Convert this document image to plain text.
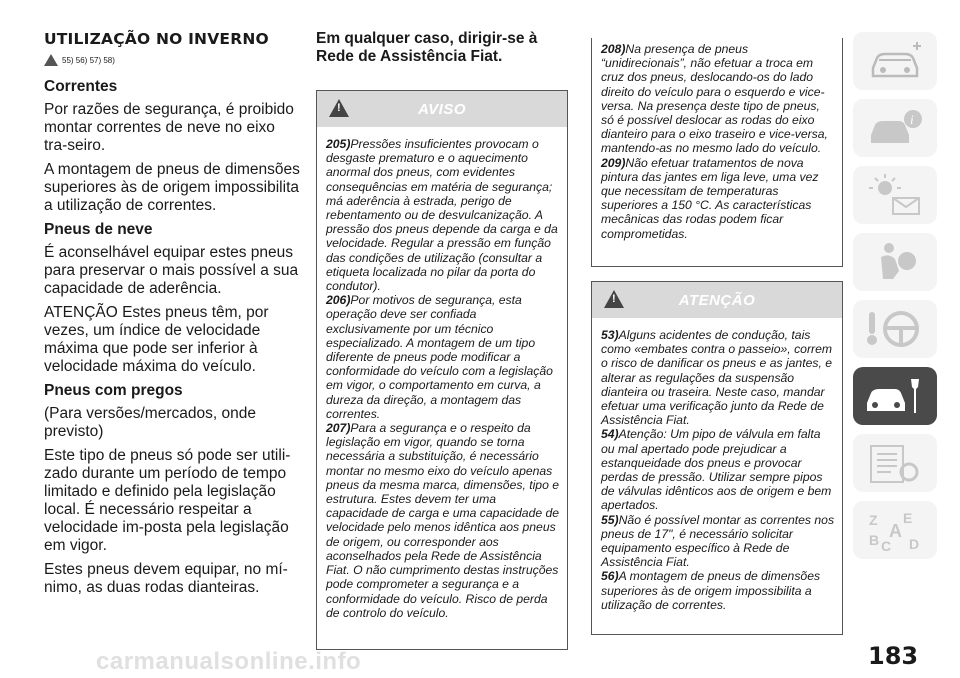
UTILIZAÇÃO NO INVERNO
55) 56) 57) 58)
Correntes

Por razões de segurança, é proibido montar correntes de neve no eixo tra-seiro.

A montagem de pneus de dimensões superiores às de origem impossibilita a utilização de correntes.

Pneus de neve

É aconselhável equipar estes pneus para preservar o mais possível a sua capacidade de aderência.

ATENÇÃO Estes pneus têm, por vezes, um índice de velocidade máxima que pode ser inferior à velocidade máxima do veículo.

Pneus com pregos

(Para versões/mercados, onde previsto)

Este tipo de pneus só pode ser utili-zado durante um período de tempo limitado e definido pela legislação local. É necessário respeitar a velocidade im-posta pela legislação em vigor.

Estes pneus devem equipar, no mí-nimo, as duas rodas dianteiras.

Em qualquer caso, dirigir-se à Rede de Assistência Fiat.
!
AVISO

205)Pressões insuficientes provocam o desgaste prematuro e o aquecimento anormal dos pneus, com evidentes consequências em matéria de segurança; má aderência à estrada, perigo de rebentamento ou de desvulcanização. A pressão dos pneus depende da carga e da velocidade. Regular a pressão em função das condições de utilização (consultar a etiqueta localizada no pilar da porta do condutor).

206)Por motivos de segurança, esta operação deve ser confiada exclusivamente por um técnico especializado. A montagem de um tipo diferente de pneus pode modificar a conformidade do veículo com a legislação em vigor, o comportamento em curva, a dureza da direção, a montagem das correntes.

207)Para a segurança e o respeito da legislação em vigor, quando se torna necessária a substituição, é necessário montar no mesmo eixo do veículo apenas pneus da mesma marca, dimensões, tipo e estrutura. Estes devem ter uma capacidade de carga e uma capacidade de velocidade pelo menos idêntica aos pneus de origem, ou corresponder aos aconselhados pela Rede de Assistência Fiat. O não cumprimento destas instruções pode comprometer a segurança e a conformidade do veículo. Risco de perda de controlo do veículo.

208)Na presença de pneus “unidirecionais”, não efetuar a troca em cruz dos pneus, deslocando-os do lado direito do veículo para o esquerdo e vice-versa. Na presença deste tipo de pneus, só é possível deslocar as rodas do eixo dianteiro para o eixo traseiro e vice-versa, mantendo-as no mesmo lado do veículo.

209)Não efetuar tratamentos de nova pintura das jantes em liga leve, uma vez que necessitam de temperaturas superiores a 150 °C. As características mecânicas das rodas podem ficar comprometidas.

!
ATENÇÃO

53)Alguns acidentes de condução, tais como «embates contra o passeio», correm o risco de danificar os pneus e as jantes, e alterar as regulações da suspensão dianteira ou traseira. Neste caso, mandar efetuar uma verificação junto da Rede de Assistência Fiat.

54)Atenção: Um pipo de válvula em falta ou mal apertado pode prejudicar a estanqueidade dos pneus e provocar perdas de pressão. Utilizar sempre pipos de válvulas idênticos aos de origem e bem apertados.

55)Não é possível montar as correntes nos pneus de 17", é necessário solicitar equipamento específico à Rede de Assistência Fiat.

56)A montagem de pneus de dimensões superiores às de origem impossibilita a utilização de correntes.

i
Z E
A
B C D
183
carmanualsonline.info
